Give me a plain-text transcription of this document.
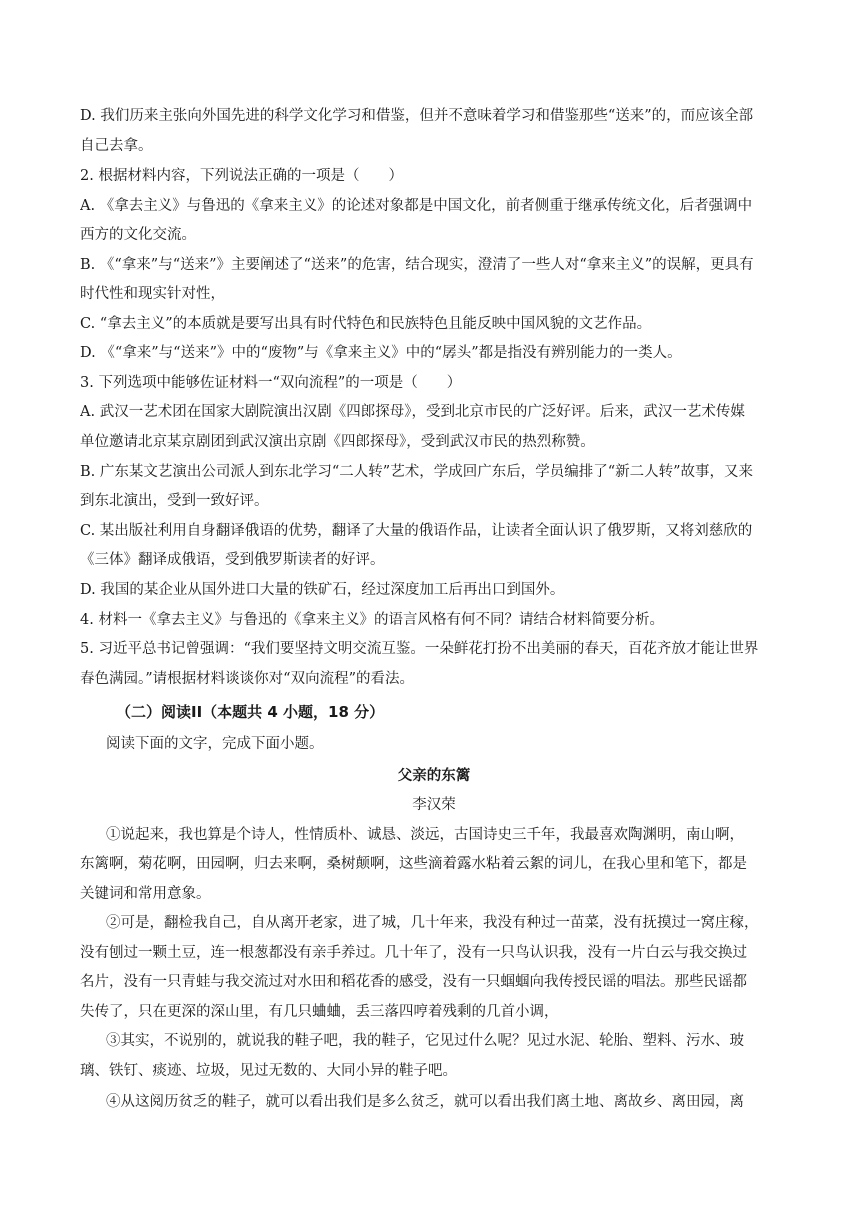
D. 我们历来主张向外国先进的科学文化学习和借鉴，但并不意味着学习和借鉴那些“送来”的，而应该全部
自己去拿。
2. 根据材料内容，下列说法正确的一项是（　　）
A. 《拿去主义》与鲁迅的《拿来主义》的论述对象都是中国文化，前者侧重于继承传统文化，后者强调中
西方的文化交流。
B. 《“拿来”与“送来”》主要阐述了“送来”的危害，结合现实，澄清了一些人对“拿来主义”的误解，更具有
时代性和现实针对性，
C. “拿去主义”的本质就是要写出具有时代特色和民族特色且能反映中国风貌的文艺作品。
D. 《“拿来”与“送来”》中的“废物”与《拿来主义》中的“孱头”都是指没有辨别能力的一类人。
3. 下列选项中能够佐证材料一“双向流程”的一项是（　　）
A. 武汉一艺术团在国家大剧院演出汉剧《四郎探母》，受到北京市民的广泛好评。后来，武汉一艺术传媒
单位邀请北京某京剧团到武汉演出京剧《四郎探母》，受到武汉市民的热烈称赞。
B. 广东某文艺演出公司派人到东北学习“二人转”艺术，学成回广东后，学员编排了“新二人转”故事，又来
到东北演出，受到一致好评。
C. 某出版社利用自身翻译俄语的优势，翻译了大量的俄语作品，让读者全面认识了俄罗斯，又将刘慈欣的
《三体》翻译成俄语，受到俄罗斯读者的好评。
D. 我国的某企业从国外进口大量的铁矿石，经过深度加工后再出口到国外。
4. 材料一《拿去主义》与鲁迅的《拿来主义》的语言风格有何不同？请结合材料简要分析。
5. 习近平总书记曾强调：“我们要坚持文明交流互鉴。一朵鲜花打扮不出美丽的春天，百花齐放才能让世界
春色满园。”请根据材料谈谈你对“双向流程”的看法。
（二）阅读II（本题共 4 小题，18 分）
阅读下面的文字，完成下面小题。
父亲的东篱
李汉荣
①说起来，我也算是个诗人，性情质朴、诚恳、淡远，古国诗史三千年，我最喜欢陶渊明，南山啊，
东篱啊，菊花啊，田园啊，归去来啊，桑树颠啊，这些滴着露水粘着云絮的词儿，在我心里和笔下，都是
关键词和常用意象。
②可是，翻检我自己，自从离开老家，进了城，几十年来，我没有种过一苗菜，没有抚摸过一窝庄稼，
没有刨过一颗土豆，连一根葱都没有亲手养过。几十年了，没有一只鸟认识我，没有一片白云与我交换过
名片，没有一只青蛙与我交流过对水田和稻花香的感受，没有一只蝈蝈向我传授民谣的唱法。那些民谣都
失传了，只在更深的深山里，有几只蛐蛐，丢三落四哼着残剩的几首小调，
③其实，不说别的，就说我的鞋子吧，我的鞋子，它见过什么呢？见过水泥、轮胎、塑料、污水、玻
璃、铁钉、痰迹、垃圾，见过无数的、大同小异的鞋子吧。
④从这阅历贫乏的鞋子，就可以看出我们是多么贫乏，就可以看出我们离土地、离故乡、离田园，离
